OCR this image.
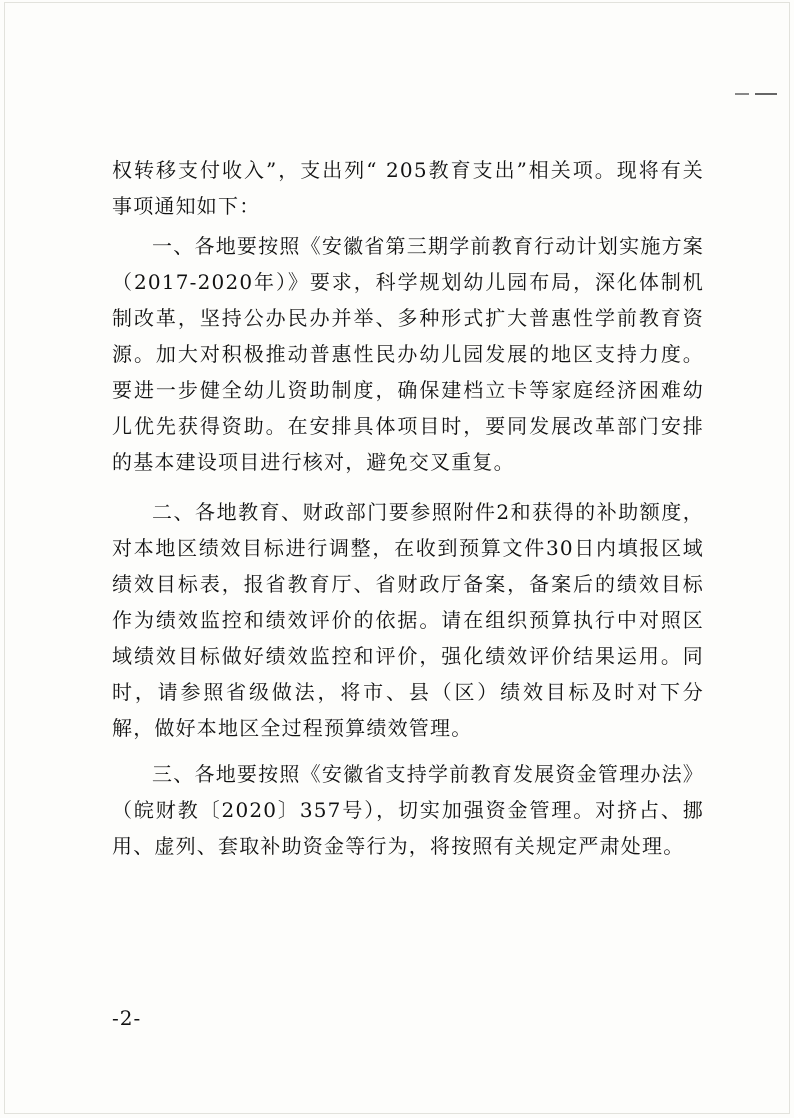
权转移支付收入”，支出列“ 205教育支出”相关项。现将有关事项通知如下：

一、各地要按照《安徽省第三期学前教育行动计划实施方案（2017-2020年）》要求，科学规划幼儿园布局，深化体制机制改革，坚持公办民办并举、多种形式扩大普惠性学前教育资源。加大对积极推动普惠性民办幼儿园发展的地区支持力度。要进一步健全幼儿资助制度，确保建档立卡等家庭经济困难幼儿优先获得资助。在安排具体项目时，要同发展改革部门安排的基本建设项目进行核对，避免交叉重复。

二、各地教育、财政部门要参照附件2和获得的补助额度，对本地区绩效目标进行调整，在收到预算文件30日内填报区域绩效目标表，报省教育厅、省财政厅备案，备案后的绩效目标作为绩效监控和绩效评价的依据。请在组织预算执行中对照区域绩效目标做好绩效监控和评价，强化绩效评价结果运用。同时，请参照省级做法，将市、县（区）绩效目标及时对下分解，做好本地区全过程预算绩效管理。

三、各地要按照《安徽省支持学前教育发展资金管理办法》（皖财教〔2020〕357号），切实加强资金管理。对挤占、挪用、虚列、套取补助资金等行为，将按照有关规定严肃处理。

-2-
